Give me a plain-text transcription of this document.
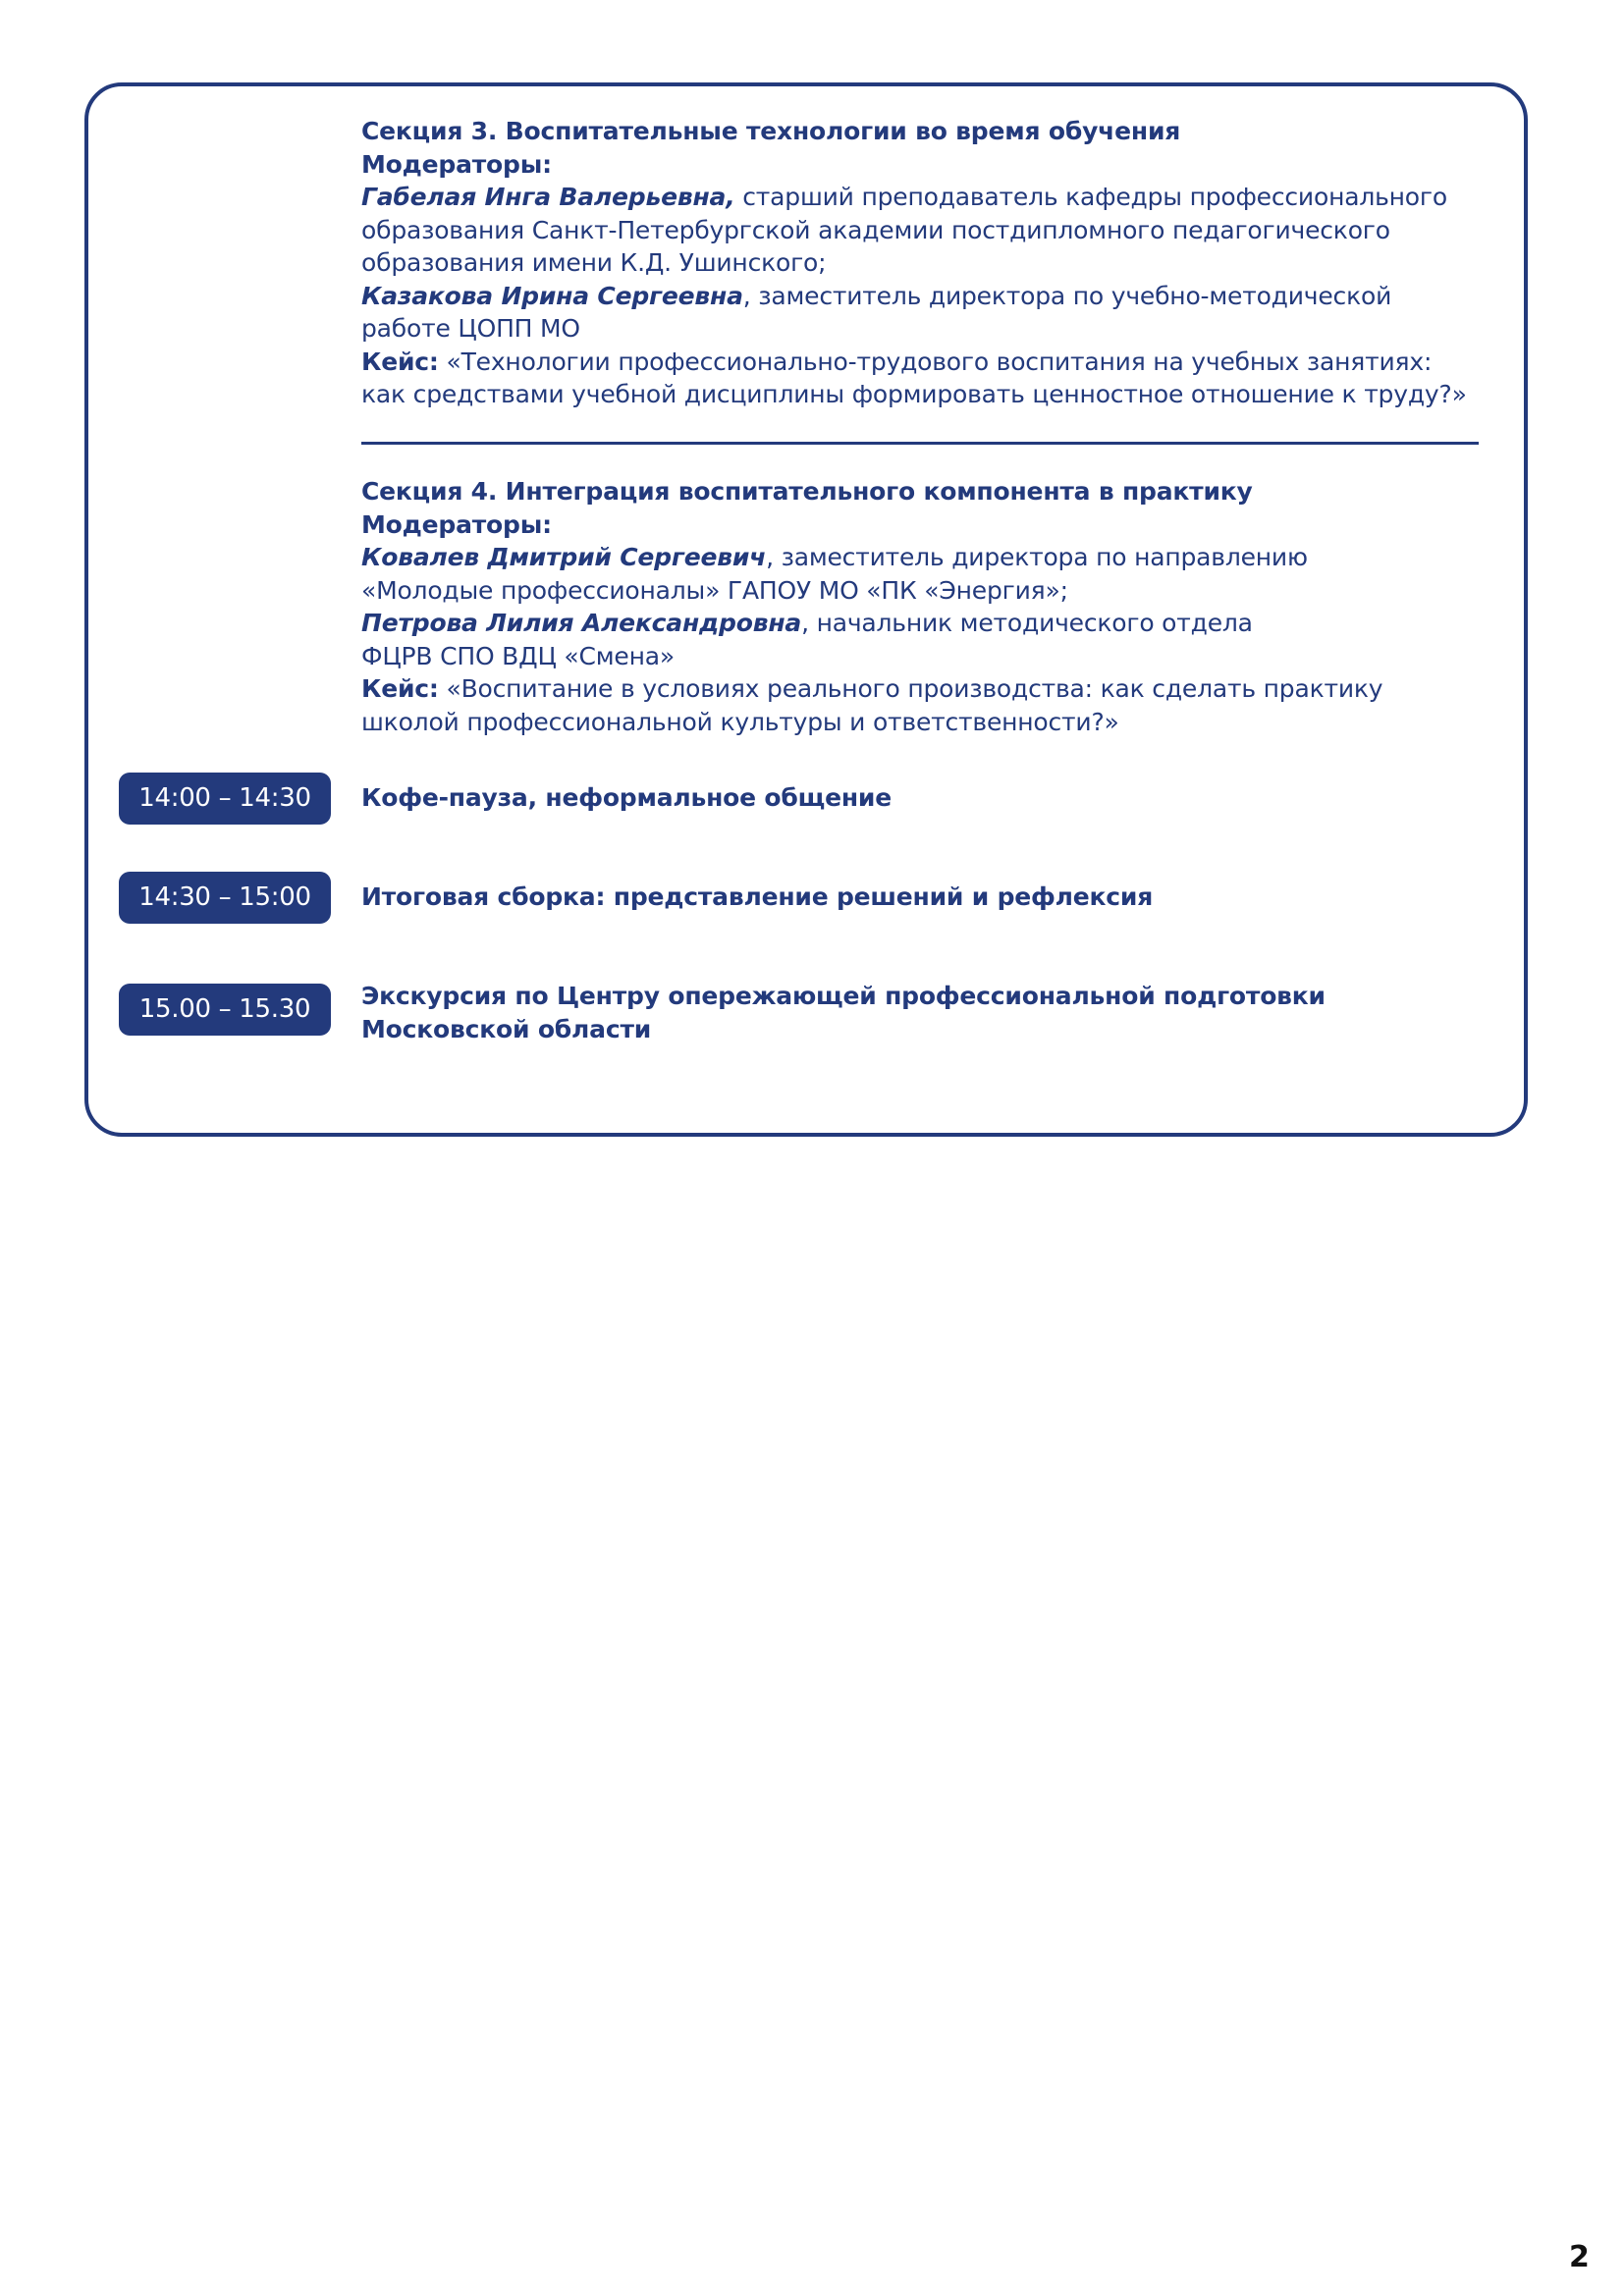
Секция 3. Воспитательные технологии во время обучения

Модераторы:

Габелая Инга Валерьевна, старший преподаватель кафедры профессионального

образования Санкт-Петербургской академии постдипломного педагогического

образования имени К.Д. Ушинского;

Казакова Ирина Сергеевна, заместитель директора по учебно-методической

работе ЦОПП МО

Кейс: «Технологии профессионально-трудового воспитания на учебных занятиях:

как средствами учебной дисциплины формировать ценностное отношение к труду?»

Секция 4. Интеграция воспитательного компонента в практику

Модераторы:

Ковалев Дмитрий Сергеевич, заместитель директора по направлению

«Молодые профессионалы» ГАПОУ МО «ПК «Энергия»;

Петрова Лилия Александровна, начальник методического отдела

ФЦРВ СПО ВДЦ «Смена»

Кейс: «Воспитание в условиях реального производства: как сделать практику

школой профессиональной культуры и ответственности?»

14:00 – 14:30	Кофе-пауза, неформальное общение
14:30 – 15:00	Итоговая сборка: представление решений и рефлексия
15.00 – 15.30	Экскурсия по Центру опережающей профессиональной подготовки
Московской области
2
